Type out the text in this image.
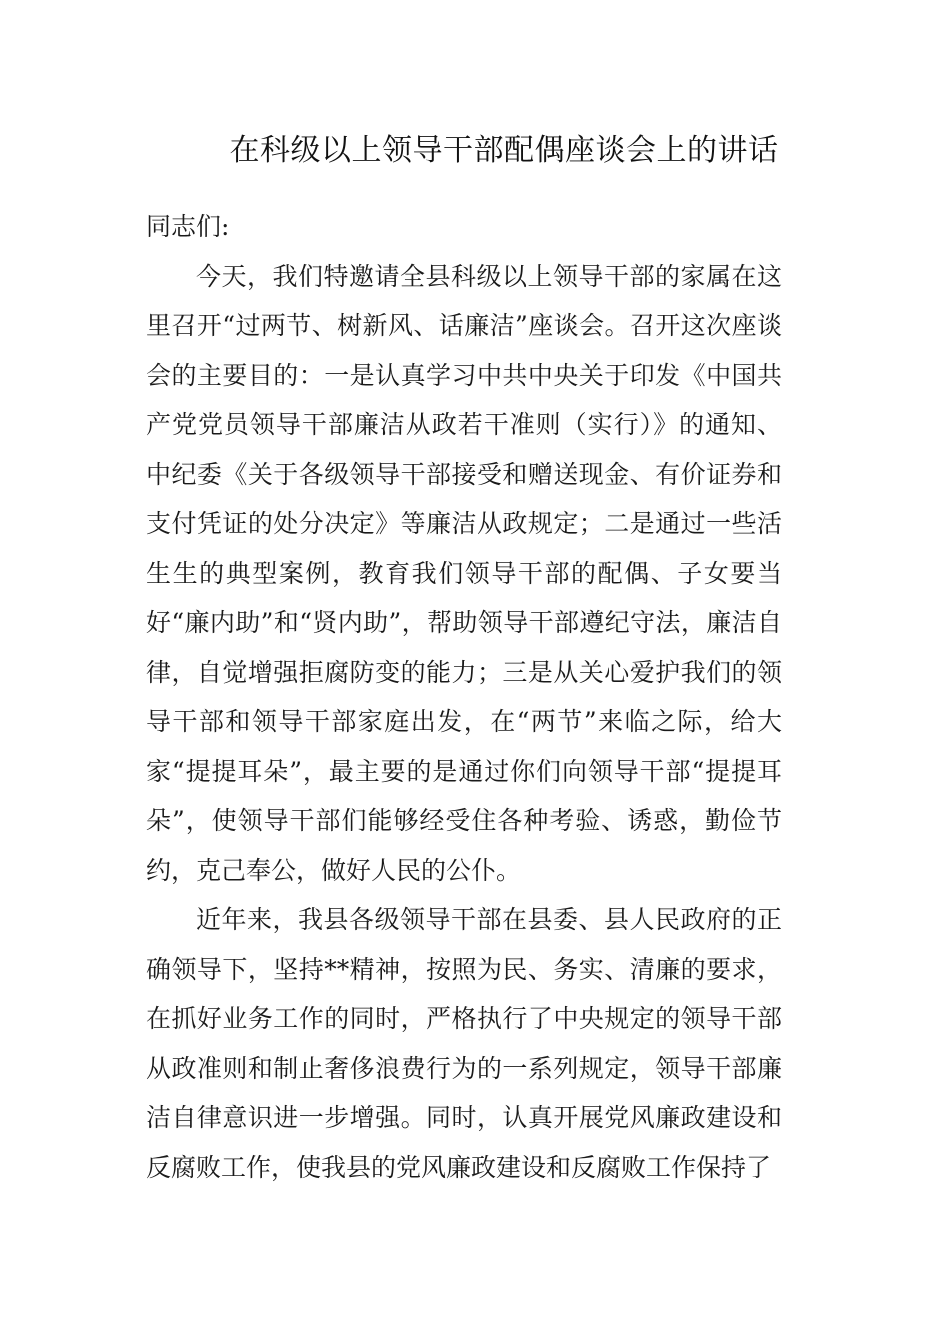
在科级以上领导干部配偶座谈会上的讲话

同志们:

今天，我们特邀请全县科级以上领导干部的家属在这里召开“过两节、树新风、话廉洁”座谈会。召开这次座谈会的主要目的：一是认真学习中共中央关于印发《中国共产党党员领导干部廉洁从政若干准则（实行）》的通知、中纪委《关于各级领导干部接受和赠送现金、有价证券和支付凭证的处分决定》等廉洁从政规定；二是通过一些活生生的典型案例，教育我们领导干部的配偶、子女要当好“廉内助”和“贤内助”，帮助领导干部遵纪守法，廉洁自律，自觉增强拒腐防变的能力；三是从关心爱护我们的领导干部和领导干部家庭出发，在“两节”来临之际，给大家“提提耳朵”，最主要的是通过你们向领导干部“提提耳朵”，使领导干部们能够经受住各种考验、诱惑，勤俭节约，克己奉公，做好人民的公仆。

近年来，我县各级领导干部在县委、县人民政府的正确领导下，坚持**精神，按照为民、务实、清廉的要求，在抓好业务工作的同时，严格执行了中央规定的领导干部从政准则和制止奢侈浪费行为的一系列规定，领导干部廉洁自律意识进一步增强。同时，认真开展党风廉政建设和反腐败工作，使我县的党风廉政建设和反腐败工作保持了
